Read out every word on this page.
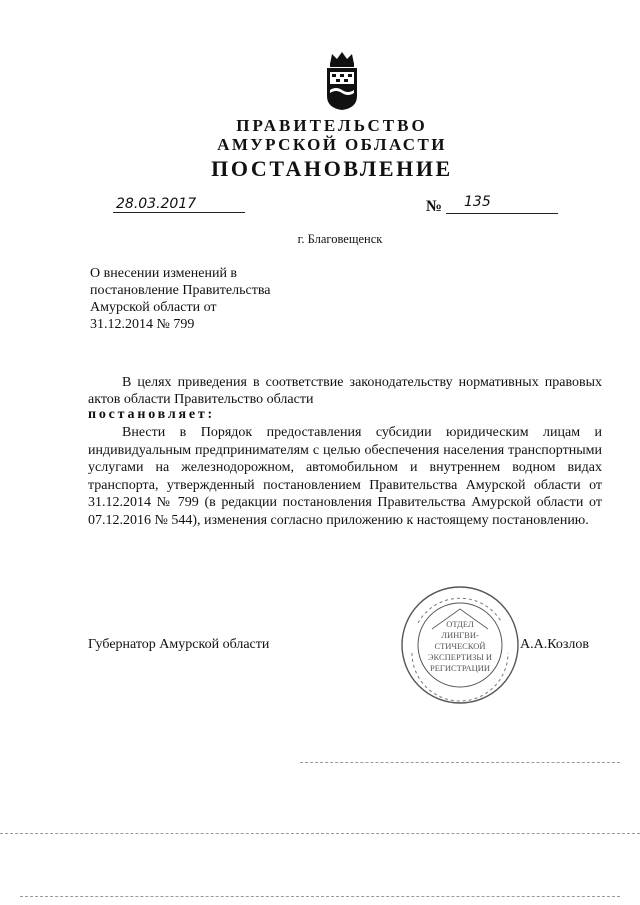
ПРАВИТЕЛЬСТВО
АМУРСКОЙ ОБЛАСТИ
ПОСТАНОВЛЕНИЕ
28.03.2017	№ 135
г. Благовещенск
О внесении изменений в
постановление Правительства
Амурской области от
31.12.2014 № 799
В целях приведения в соответствие законодательству нормативных правовых актов области Правительство области
постановляет:
Внести в Порядок предоставления субсидии юридическим лицам и индивидуальным предпринимателям с целью обеспечения населения транспортными услугами на железнодорожном, автомобильном и внутреннем водном видах транспорта, утвержденный постановлением Правительства Амурской области от 31.12.2014 № 799 (в редакции постановления Правительства Амурской области от 07.12.2016 № 544), изменения согласно приложению к настоящему постановлению.
Губернатор Амурской области	А.А.Козлов
ОТДЕЛ
ЛИНГВИ-
СТИЧЕСКОЙ
ЭКСПЕРТИЗЫ И
РЕГИСТРАЦИИ
